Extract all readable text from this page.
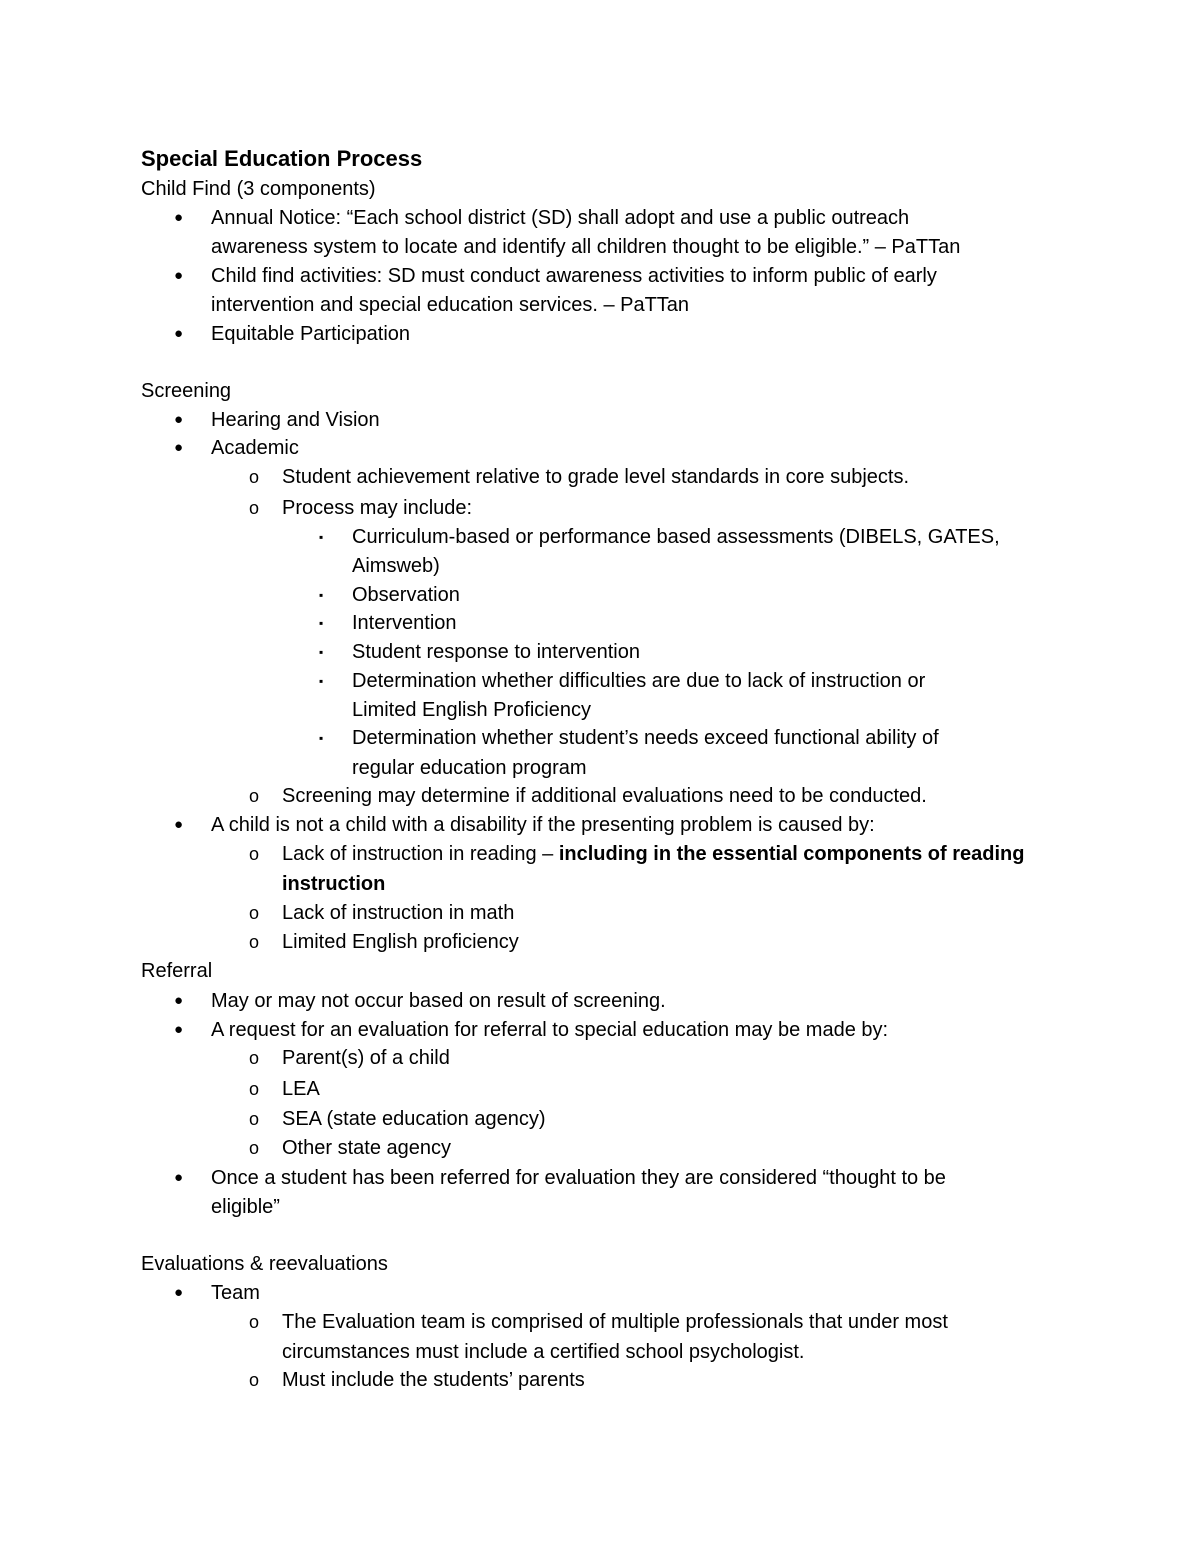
Special Education Process
Child Find (3 components)
● Annual Notice: “Each school district (SD) shall adopt and use a public outreach
awareness system to locate and identify all children thought to be eligible.” – PaTTan
● Child find activities: SD must conduct awareness activities to inform public of early
intervention and special education services. – PaTTan
● Equitable Participation
Screening
● Hearing and Vision
● Academic
o Student achievement relative to grade level standards in core subjects.
o Process may include:
▪ Curriculum-based or performance based assessments (DIBELS, GATES,
Aimsweb)
▪ Observation
▪ Intervention
▪ Student response to intervention
▪ Determination whether difficulties are due to lack of instruction or
Limited English Proficiency
▪ Determination whether student’s needs exceed functional ability of
regular education program
o Screening may determine if additional evaluations need to be conducted.
● A child is not a child with a disability if the presenting problem is caused by:
o Lack of instruction in reading – including in the essential components of reading
instruction
o Lack of instruction in math
o Limited English proficiency
Referral
● May or may not occur based on result of screening.
● A request for an evaluation for referral to special education may be made by:
o Parent(s) of a child
o LEA
o SEA (state education agency)
o Other state agency
● Once a student has been referred for evaluation they are considered “thought to be
eligible”
Evaluations & reevaluations
● Team
o The Evaluation team is comprised of multiple professionals that under most
circumstances must include a certified school psychologist.
o Must include the students’ parents
